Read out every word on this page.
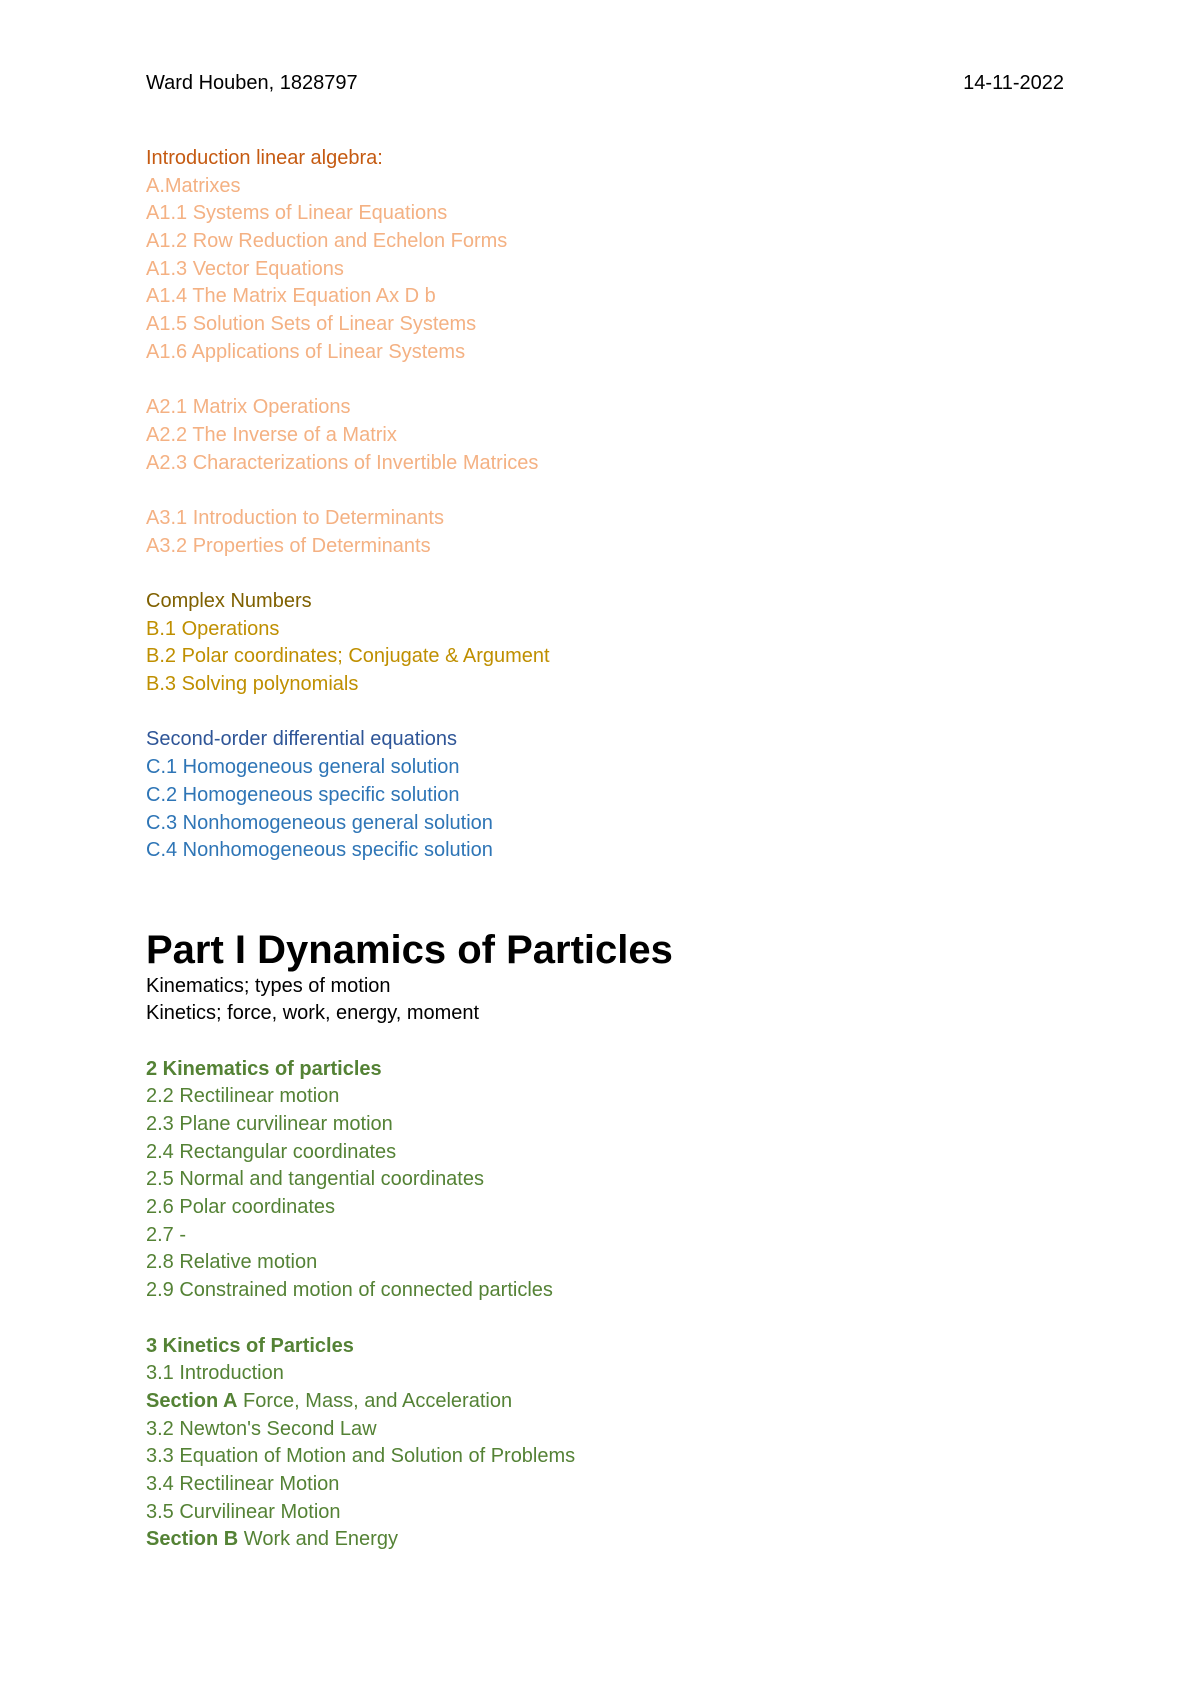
Ward Houben, 1828797	14-11-2022
Introduction linear algebra:
A.Matrixes
A1.1 Systems of Linear Equations
A1.2 Row Reduction and Echelon Forms
A1.3 Vector Equations
A1.4 The Matrix Equation Ax D b
A1.5 Solution Sets of Linear Systems
A1.6 Applications of Linear Systems
A2.1 Matrix Operations
A2.2 The Inverse of a Matrix
A2.3 Characterizations of Invertible Matrices
A3.1 Introduction to Determinants
A3.2 Properties of Determinants
Complex Numbers
B.1 Operations
B.2 Polar coordinates; Conjugate & Argument
B.3 Solving polynomials
Second-order differential equations
C.1 Homogeneous general solution
C.2 Homogeneous specific solution
C.3 Nonhomogeneous general solution
C.4 Nonhomogeneous specific solution
Part I Dynamics of Particles
Kinematics; types of motion
Kinetics; force, work, energy, moment
2 Kinematics of particles
2.2 Rectilinear motion
2.3 Plane curvilinear motion
2.4 Rectangular coordinates
2.5 Normal and tangential coordinates
2.6 Polar coordinates
2.7 -
2.8 Relative motion
2.9 Constrained motion of connected particles
3 Kinetics of Particles
3.1 Introduction
Section A Force, Mass, and Acceleration
3.2 Newton's Second Law
3.3 Equation of Motion and Solution of Problems
3.4 Rectilinear Motion
3.5 Curvilinear Motion
Section B Work and Energy
